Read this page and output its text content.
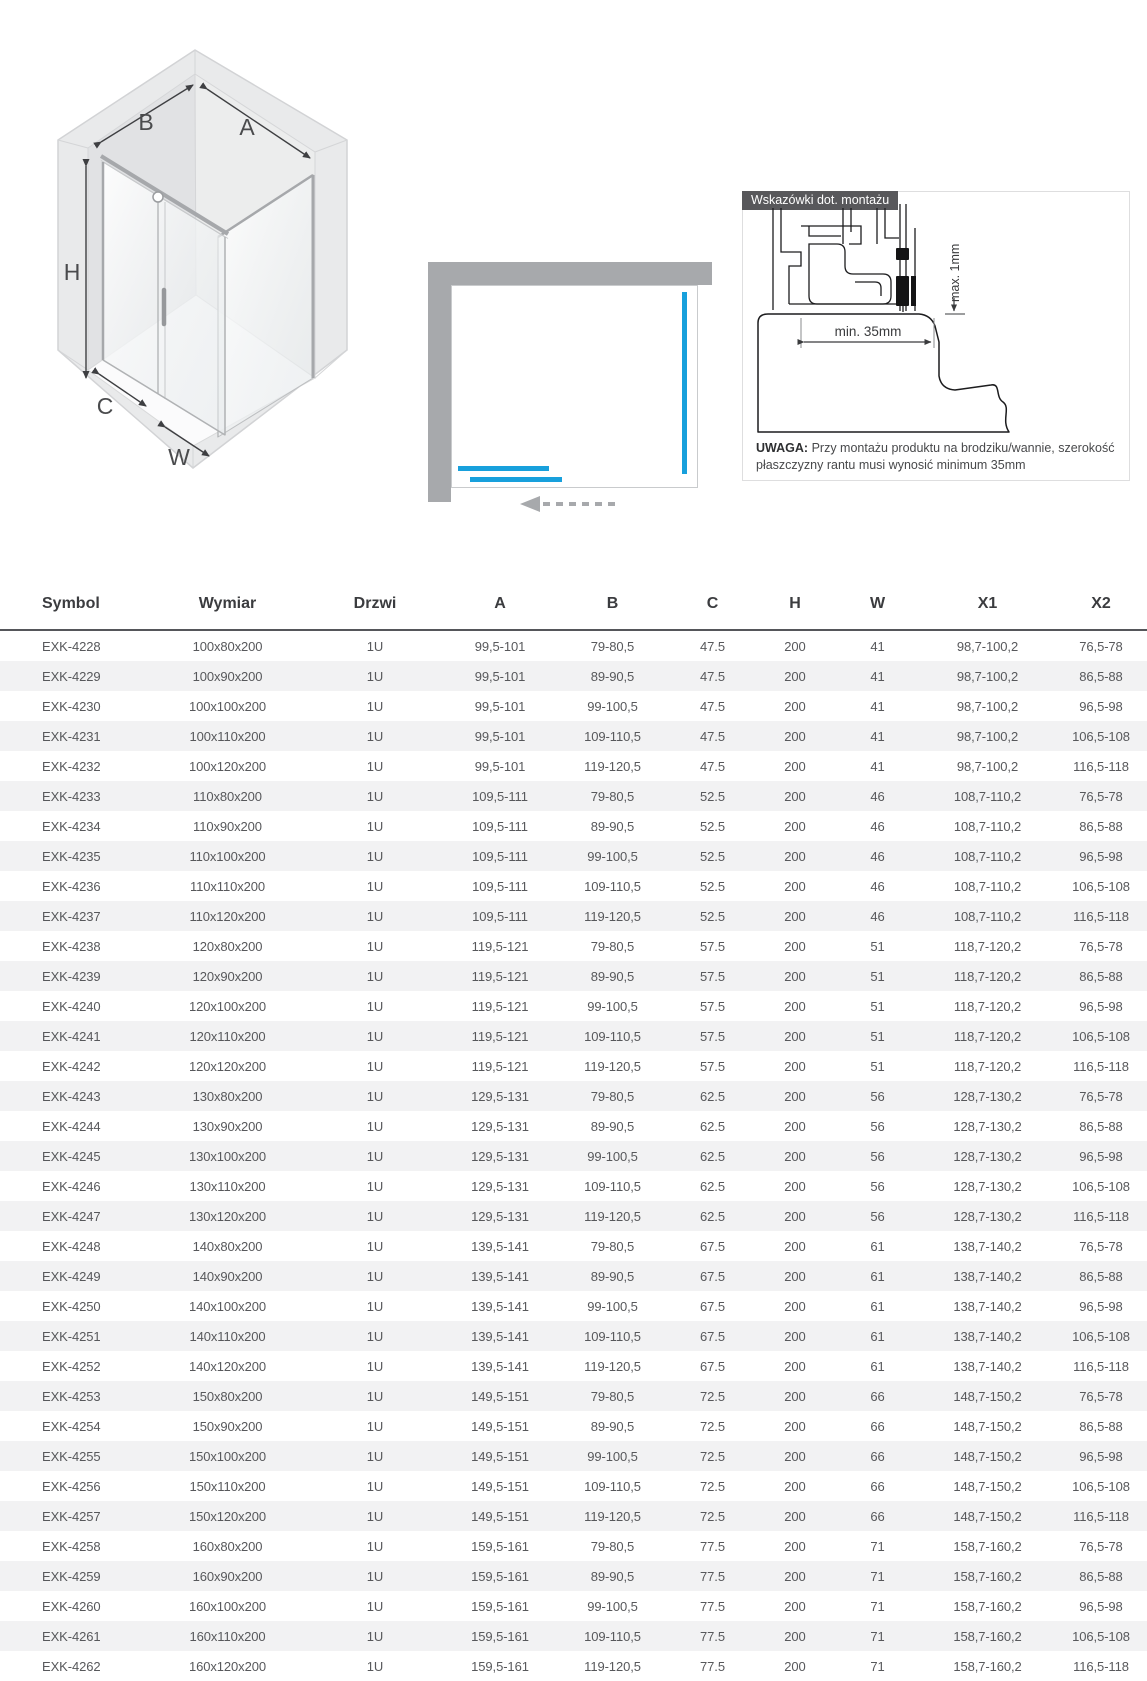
B	A
H
C
W
Wskazówki dot. montażu
min. 35mm
max. 1mm

UWAGA: Przy montażu produktu na brodziku/wannie, szerokość
płaszczyzny rantu musi wynosić minimum 35mm

Symbol	Wymiar	Drzwi	A	B	C	H	W	X1	X2
EXK-4228	100x80x200	1U	99,5-101	79-80,5	47.5	200	41	98,7-100,2	76,5-78
EXK-4229	100x90x200	1U	99,5-101	89-90,5	47.5	200	41	98,7-100,2	86,5-88
EXK-4230	100x100x200	1U	99,5-101	99-100,5	47.5	200	41	98,7-100,2	96,5-98
EXK-4231	100x110x200	1U	99,5-101	109-110,5	47.5	200	41	98,7-100,2	106,5-108
EXK-4232	100x120x200	1U	99,5-101	119-120,5	47.5	200	41	98,7-100,2	116,5-118
EXK-4233	110x80x200	1U	109,5-111	79-80,5	52.5	200	46	108,7-110,2	76,5-78
EXK-4234	110x90x200	1U	109,5-111	89-90,5	52.5	200	46	108,7-110,2	86,5-88
EXK-4235	110x100x200	1U	109,5-111	99-100,5	52.5	200	46	108,7-110,2	96,5-98
EXK-4236	110x110x200	1U	109,5-111	109-110,5	52.5	200	46	108,7-110,2	106,5-108
EXK-4237	110x120x200	1U	109,5-111	119-120,5	52.5	200	46	108,7-110,2	116,5-118
EXK-4238	120x80x200	1U	119,5-121	79-80,5	57.5	200	51	118,7-120,2	76,5-78
EXK-4239	120x90x200	1U	119,5-121	89-90,5	57.5	200	51	118,7-120,2	86,5-88
EXK-4240	120x100x200	1U	119,5-121	99-100,5	57.5	200	51	118,7-120,2	96,5-98
EXK-4241	120x110x200	1U	119,5-121	109-110,5	57.5	200	51	118,7-120,2	106,5-108
EXK-4242	120x120x200	1U	119,5-121	119-120,5	57.5	200	51	118,7-120,2	116,5-118
EXK-4243	130x80x200	1U	129,5-131	79-80,5	62.5	200	56	128,7-130,2	76,5-78
EXK-4244	130x90x200	1U	129,5-131	89-90,5	62.5	200	56	128,7-130,2	86,5-88
EXK-4245	130x100x200	1U	129,5-131	99-100,5	62.5	200	56	128,7-130,2	96,5-98
EXK-4246	130x110x200	1U	129,5-131	109-110,5	62.5	200	56	128,7-130,2	106,5-108
EXK-4247	130x120x200	1U	129,5-131	119-120,5	62.5	200	56	128,7-130,2	116,5-118
EXK-4248	140x80x200	1U	139,5-141	79-80,5	67.5	200	61	138,7-140,2	76,5-78
EXK-4249	140x90x200	1U	139,5-141	89-90,5	67.5	200	61	138,7-140,2	86,5-88
EXK-4250	140x100x200	1U	139,5-141	99-100,5	67.5	200	61	138,7-140,2	96,5-98
EXK-4251	140x110x200	1U	139,5-141	109-110,5	67.5	200	61	138,7-140,2	106,5-108
EXK-4252	140x120x200	1U	139,5-141	119-120,5	67.5	200	61	138,7-140,2	116,5-118
EXK-4253	150x80x200	1U	149,5-151	79-80,5	72.5	200	66	148,7-150,2	76,5-78
EXK-4254	150x90x200	1U	149,5-151	89-90,5	72.5	200	66	148,7-150,2	86,5-88
EXK-4255	150x100x200	1U	149,5-151	99-100,5	72.5	200	66	148,7-150,2	96,5-98
EXK-4256	150x110x200	1U	149,5-151	109-110,5	72.5	200	66	148,7-150,2	106,5-108
EXK-4257	150x120x200	1U	149,5-151	119-120,5	72.5	200	66	148,7-150,2	116,5-118
EXK-4258	160x80x200	1U	159,5-161	79-80,5	77.5	200	71	158,7-160,2	76,5-78
EXK-4259	160x90x200	1U	159,5-161	89-90,5	77.5	200	71	158,7-160,2	86,5-88
EXK-4260	160x100x200	1U	159,5-161	99-100,5	77.5	200	71	158,7-160,2	96,5-98
EXK-4261	160x110x200	1U	159,5-161	109-110,5	77.5	200	71	158,7-160,2	106,5-108
EXK-4262	160x120x200	1U	159,5-161	119-120,5	77.5	200	71	158,7-160,2	116,5-118
